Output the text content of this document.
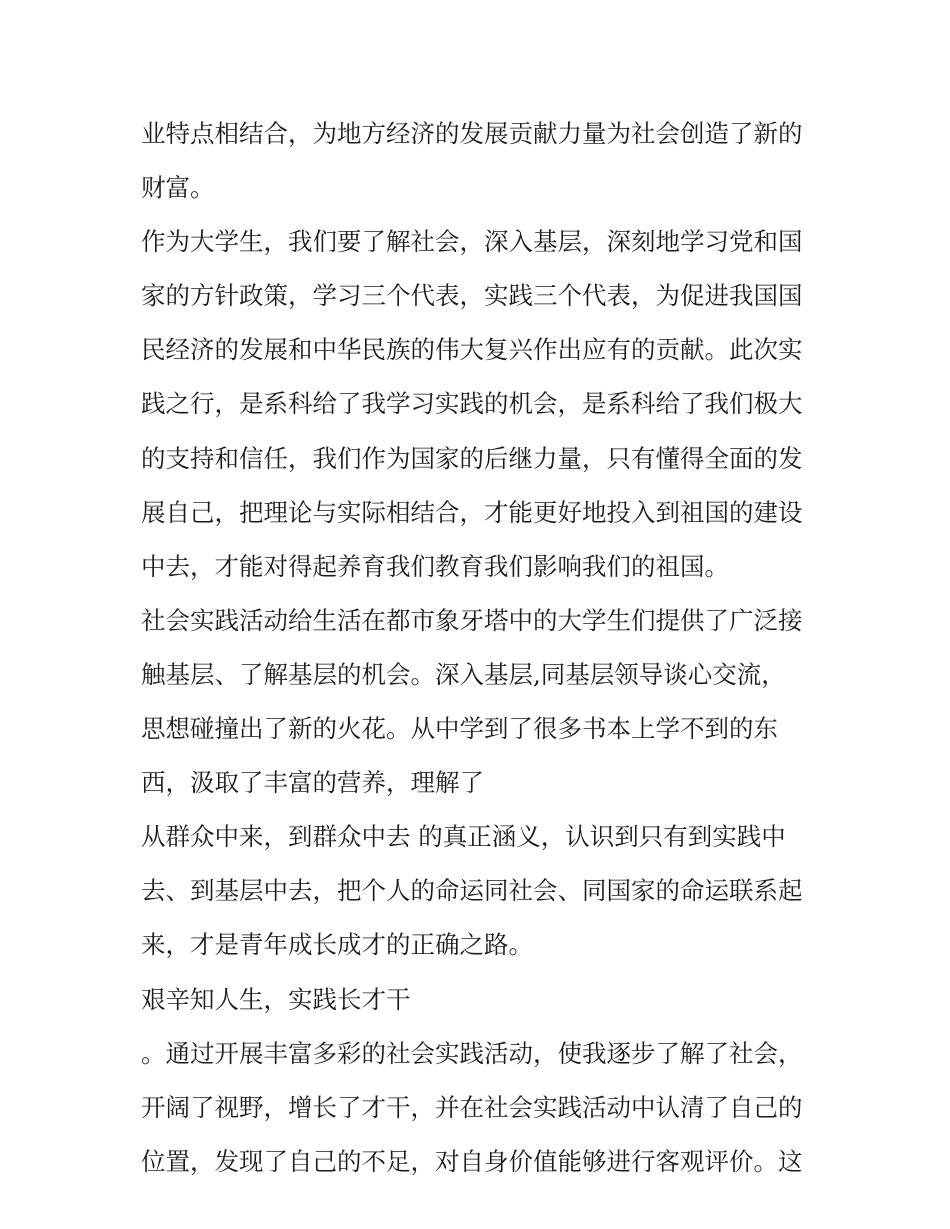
业特点相结合，为地方经济的发展贡献力量为社会创造了新的
财富。
作为大学生，我们要了解社会，深入基层，深刻地学习党和国
家的方针政策，学习三个代表，实践三个代表，为促进我国国
民经济的发展和中华民族的伟大复兴作出应有的贡献。此次实
践之行，是系科给了我学习实践的机会，是系科给了我们极大
的支持和信任，我们作为国家的后继力量，只有懂得全面的发
展自己，把理论与实际相结合，才能更好地投入到祖国的建设
中去，才能对得起养育我们教育我们影响我们的祖国。
社会实践活动给生活在都市象牙塔中的大学生们提供了广泛接
触基层、了解基层的机会。深入基层,同基层领导谈心交流，
思想碰撞出了新的火花。从中学到了很多书本上学不到的东
西，汲取了丰富的营养，理解了
从群众中来，到群众中去 的真正涵义，认识到只有到实践中
去、到基层中去，把个人的命运同社会、同国家的命运联系起
来，才是青年成长成才的正确之路。
艰辛知人生，实践长才干
。通过开展丰富多彩的社会实践活动，使我逐步了解了社会，
开阔了视野，增长了才干，并在社会实践活动中认清了自己的
位置，发现了自己的不足，对自身价值能够进行客观评价。这
